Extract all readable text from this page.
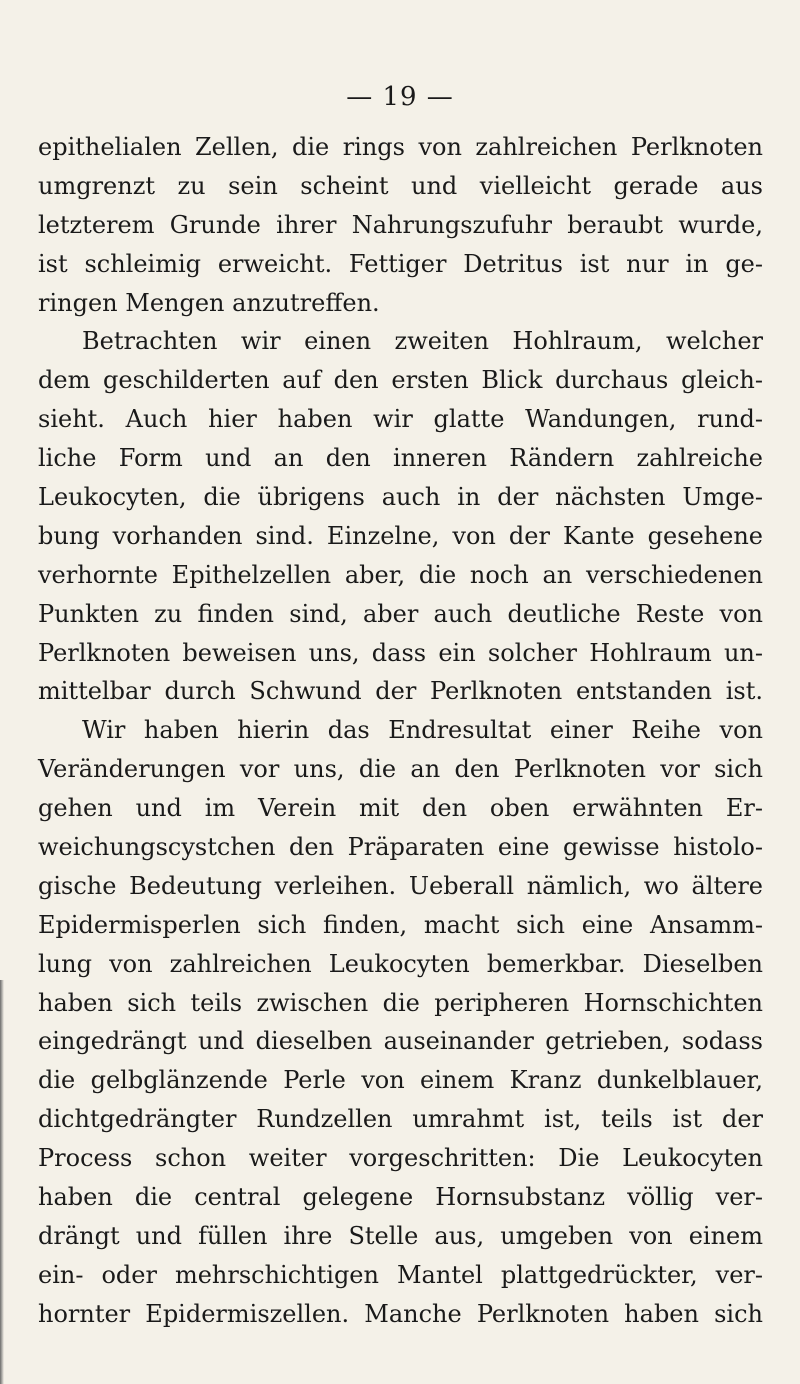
— 19 —
epithelialen Zellen, die rings von zahlreichen Perlknoten
umgrenzt zu sein scheint und vielleicht gerade aus
letzterem Grunde ihrer Nahrungszufuhr beraubt wurde,
ist schleimig erweicht. Fettiger Detritus ist nur in ge-
ringen Mengen anzutreffen.
Betrachten wir einen zweiten Hohlraum, welcher
dem geschilderten auf den ersten Blick durchaus gleich-
sieht. Auch hier haben wir glatte Wandungen, rund-
liche Form und an den inneren Rändern zahlreiche
Leukocyten, die übrigens auch in der nächsten Umge-
bung vorhanden sind. Einzelne, von der Kante gesehene
verhornte Epithelzellen aber, die noch an verschiedenen
Punkten zu finden sind, aber auch deutliche Reste von
Perlknoten beweisen uns, dass ein solcher Hohlraum un-
mittelbar durch Schwund der Perlknoten entstanden ist.
Wir haben hierin das Endresultat einer Reihe von
Veränderungen vor uns, die an den Perlknoten vor sich
gehen und im Verein mit den oben erwähnten Er-
weichungscystchen den Präparaten eine gewisse histolo-
gische Bedeutung verleihen. Ueberall nämlich, wo ältere
Epidermisperlen sich finden, macht sich eine Ansamm-
lung von zahlreichen Leukocyten bemerkbar. Dieselben
haben sich teils zwischen die peripheren Hornschichten
eingedrängt und dieselben auseinander getrieben, sodass
die gelbglänzende Perle von einem Kranz dunkelblauer,
dichtgedrängter Rundzellen umrahmt ist, teils ist der
Process schon weiter vorgeschritten: Die Leukocyten
haben die central gelegene Hornsubstanz völlig ver-
drängt und füllen ihre Stelle aus, umgeben von einem
ein- oder mehrschichtigen Mantel plattgedrückter, ver-
hornter Epidermiszellen. Manche Perlknoten haben sich
